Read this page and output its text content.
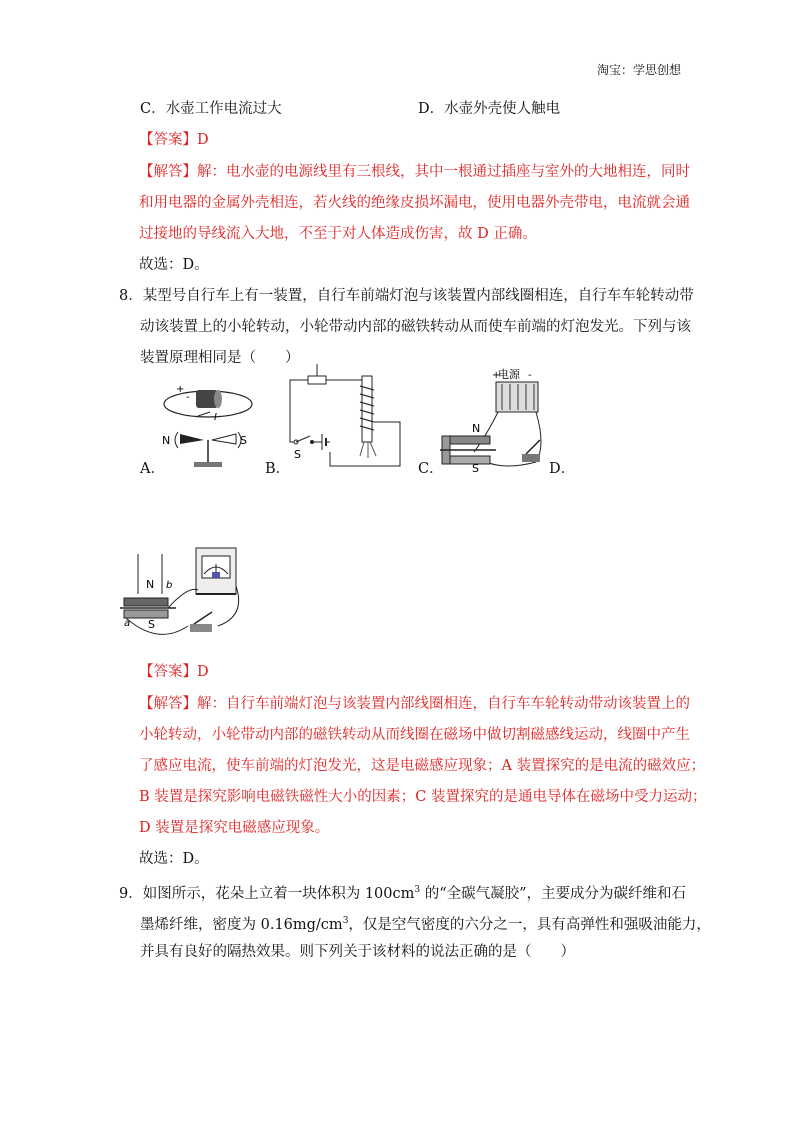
淘宝：学思创想
C．水壶工作电流过大	D．水壶外壳使人触电
【答案】D
【解答】解：电水壶的电源线里有三根线，其中一根通过插座与室外的大地相连，同时
和用电器的金属外壳相连，若火线的绝缘皮损坏漏电，使用电器外壳带电，电流就会通
过接地的导线流入大地，不至于对人体造成伤害，故 D 正确。
故选：D。
8．某型号自行车上有一装置，自行车前端灯泡与该装置内部线圈相连，自行车车轮转动带
动该装置上的小轮转动，小轮带动内部的磁铁转动从而使车前端的灯泡发光。下列与该
装置原理相同是（　　）
+
-
I
N	S
A．
S
B．
电源
+	-
N
S
C．	D．
N b
a S
【答案】D
【解答】解：自行车前端灯泡与该装置内部线圈相连，自行车车轮转动带动该装置上的
小轮转动，小轮带动内部的磁铁转动从而线圈在磁场中做切割磁感线运动，线圈中产生
了感应电流，使车前端的灯泡发光，这是电磁感应现象；A 装置探究的是电流的磁效应；
B 装置是探究影响电磁铁磁性大小的因素；C 装置探究的是通电导体在磁场中受力运动；
D 装置是探究电磁感应现象。
故选：D。
9．如图所示，花朵上立着一块体积为 $100cm^3$ 的“全碳气凝胶”，主要成分为碳纤维和石
墨烯纤维，密度为 $0.16mg/cm^3$，仅是空气密度的六分之一，具有高弹性和强吸油能力，
并具有良好的隔热效果。则下列关于该材料的说法正确的是（　　）
